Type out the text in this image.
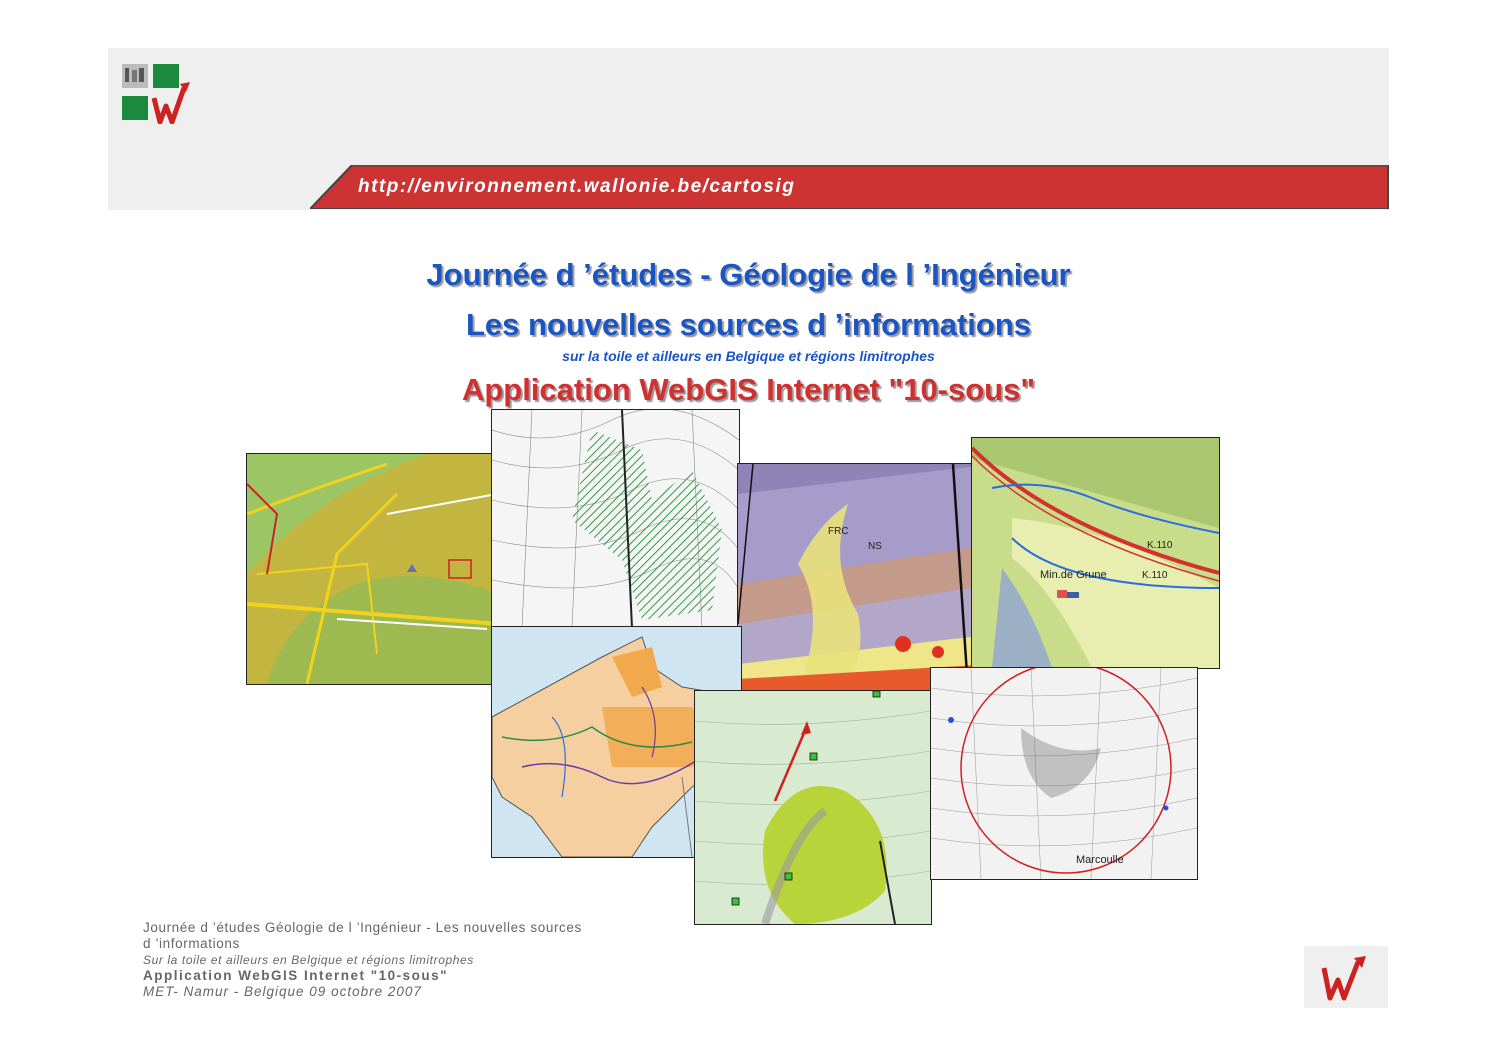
http://environnement.wallonie.be/cartosig
Journée d ’études - Géologie de l ’Ingénieur
Les nouvelles sources d ’informations
sur la toile et ailleurs en Belgique et régions limitrophes
Application WebGIS Internet "10-sous"
FRC
NS
Min.de Grune
K.110
K.110
Marcoulle
Journée d ’études Géologie de l ’Ingénieur - Les nouvelles sources
d ’informations
Sur la toile et ailleurs en Belgique et régions limitrophes
Application WebGIS Internet "10-sous"
MET- Namur - Belgique 09 octobre 2007
